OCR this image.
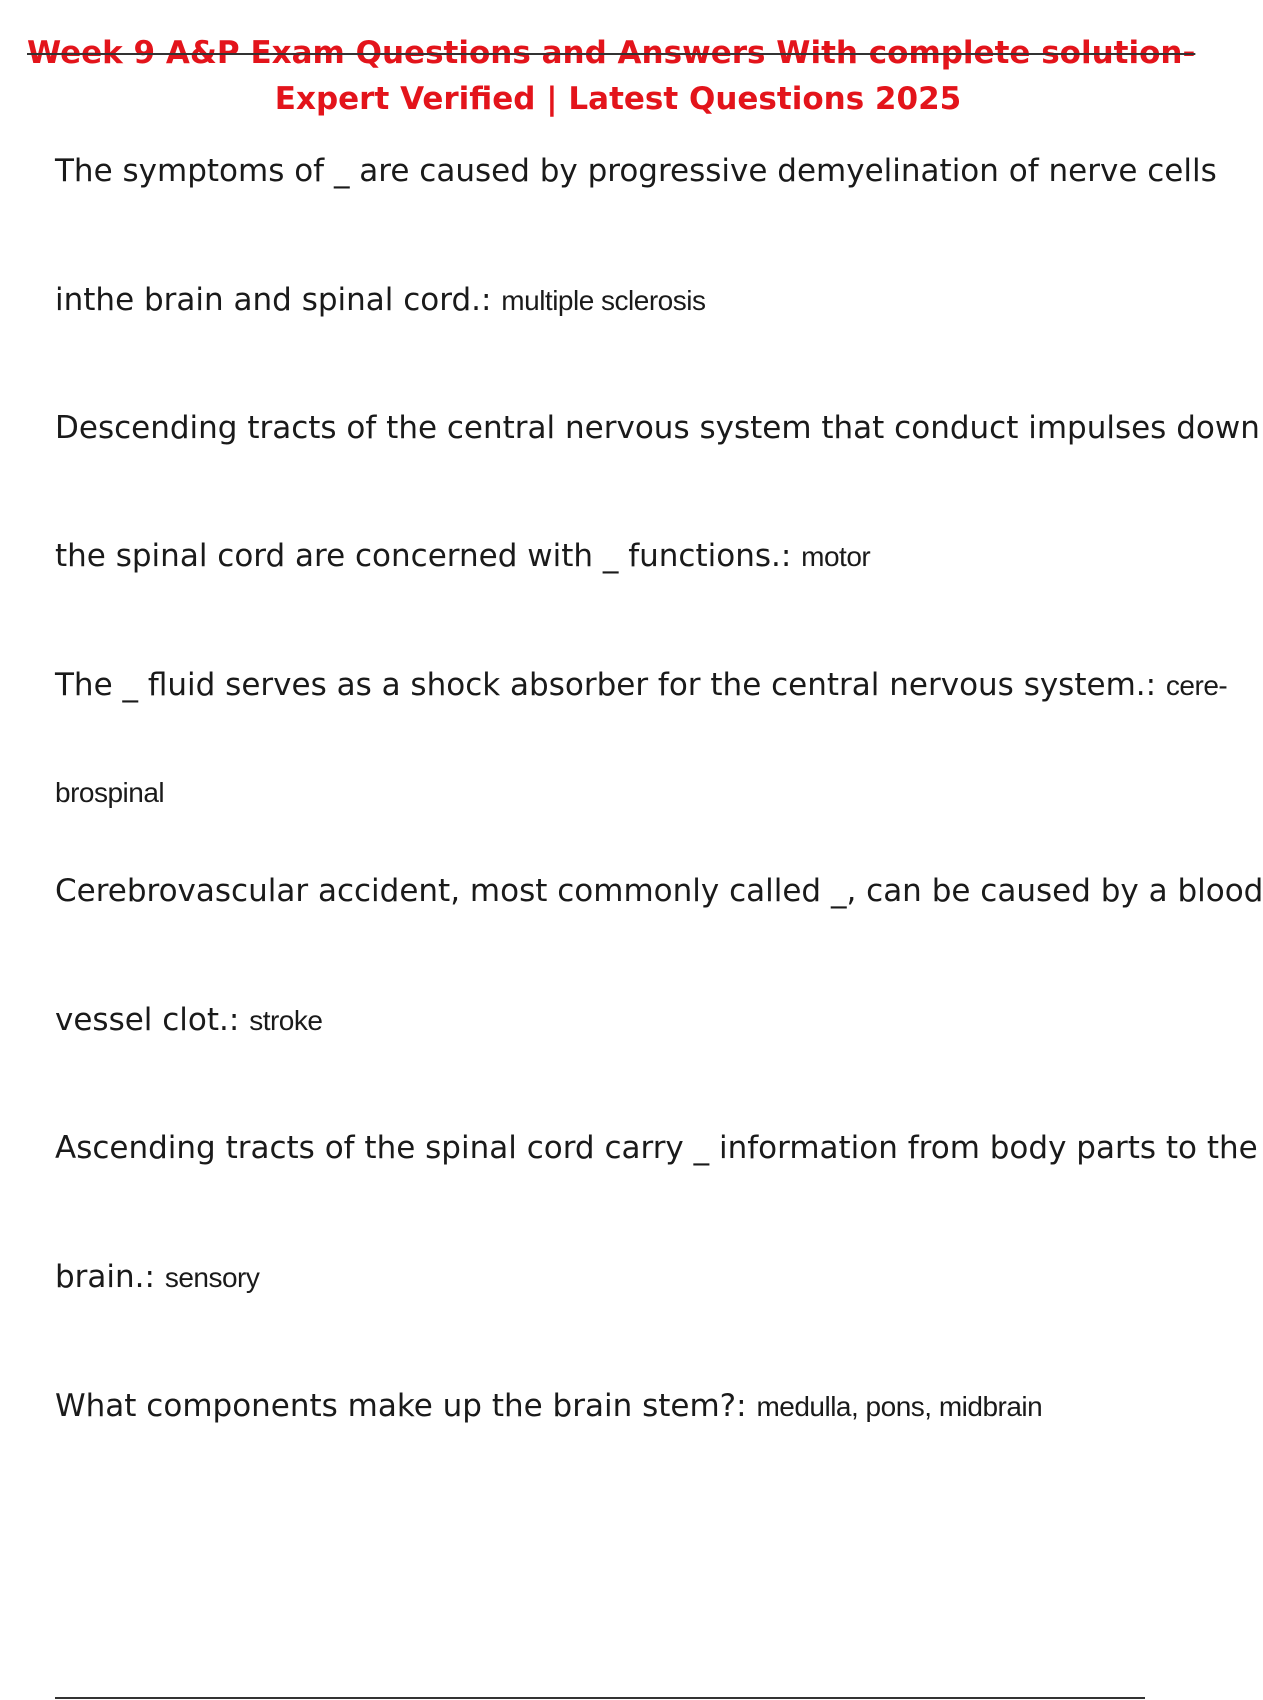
Week 9 A&P Exam Questions and Answers With complete solution-
Expert Verified | Latest Questions 2025
The symptoms of _ are caused by progressive demyelination of nerve cells
inthe brain and spinal cord.: multiple sclerosis
Descending tracts of the central nervous system that conduct impulses down
the spinal cord are concerned with _ functions.: motor
The _ fluid serves as a shock absorber for the central nervous system.: cere-
brospinal
Cerebrovascular accident, most commonly called _, can be caused by a blood
vessel clot.: stroke
Ascending tracts of the spinal cord carry _ information from body parts to the
brain.: sensory
What components make up the brain stem?: medulla, pons, midbrain
